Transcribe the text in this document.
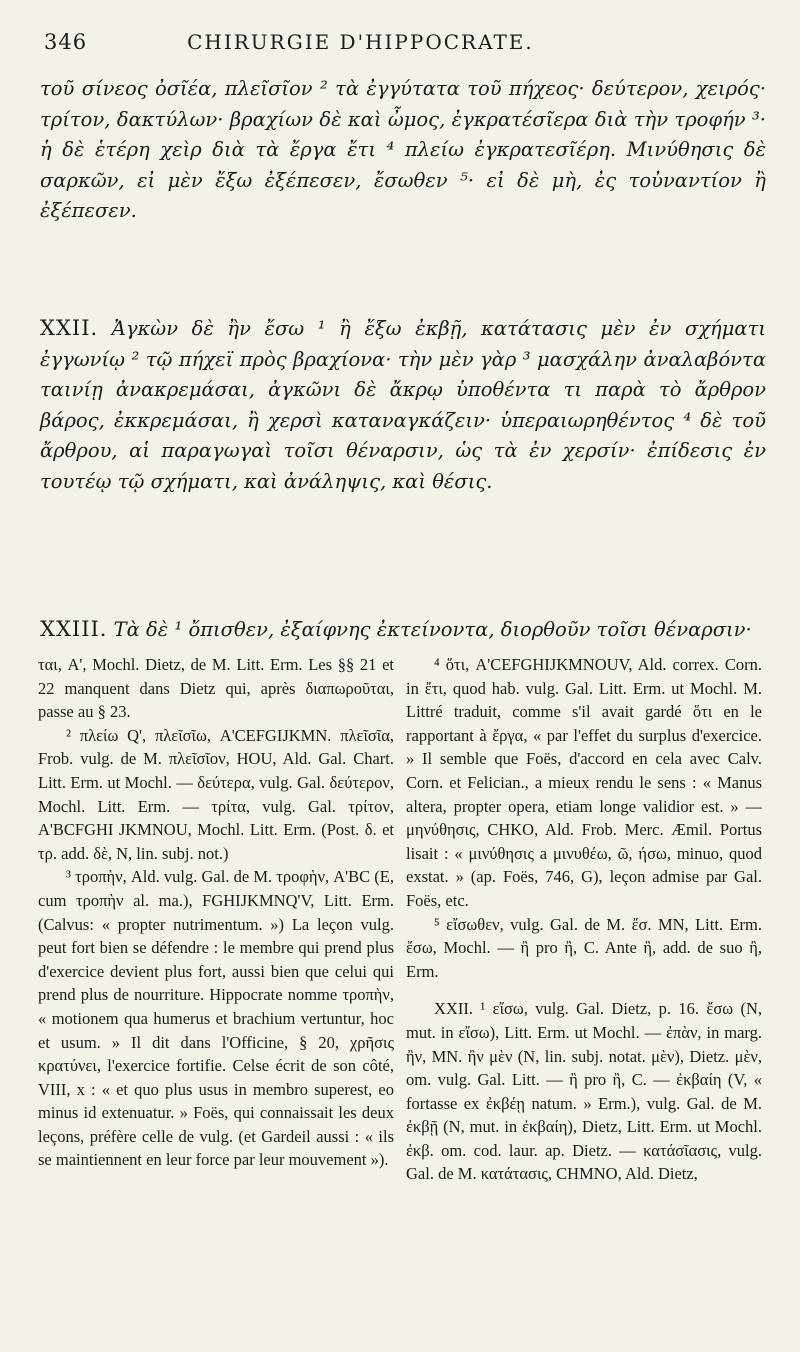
346	CHIRURGIE D'HIPPOCRATE.

τοῦ σίνεος ὀσῖέα, πλεῖσῖον ² τὰ ἐγγύτατα τοῦ πήχεος· δεύτερον, χειρός· τρίτον, δακτύλων· βραχίων δὲ καὶ ὦμος, ἐγκρατέσῖερα διὰ τὴν τροφήν ³· ἡ δὲ ἑτέρη χεὶρ διὰ τὰ ἔργα ἔτι ⁴ πλείω ἐγκρατεσῖέρη. Μινύθησις δὲ σαρκῶν, εἰ μὲν ἔξω ἐξέπεσεν, ἔσωθεν ⁵· εἰ δὲ μὴ, ἐς τοὐναντίον ἢ ἐξέπεσεν.

XXII. Ἀγκὼν δὲ ἢν ἔσω ¹ ἢ ἔξω ἐκβῇ, κατάτασις μὲν ἐν σχήματι ἐγγωνίῳ ² τῷ πήχεϊ πρὸς βραχίονα· τὴν μὲν γὰρ ³ μασχάλην ἀναλαβόντα ταινίῃ ἀνακρεμάσαι, ἀγκῶνι δὲ ἄκρῳ ὑποθέντα τι παρὰ τὸ ἄρθρον βάρος, ἐκκρεμάσαι, ἢ χερσὶ καταναγκάζειν· ὑπεραιωρηθέντος ⁴ δὲ τοῦ ἄρθρου, αἱ παραγωγαὶ τοῖσι θέναρσιν, ὡς τὰ ἐν χερσίν· ἐπίδεσις ἐν τουτέῳ τῷ σχήματι, καὶ ἀνάληψις, καὶ θέσις.

XXIII. Τὰ δὲ ¹ ὄπισθεν, ἐξαίφνης ἐκτείνοντα, διορθοῦν τοῖσι θέναρσιν·

ται, A', Mochl. Dietz, de M. Litt. Erm. Les §§ 21 et 22 manquent dans Dietz qui, après διαπωροῦται, passe au § 23.

² πλείω Q', πλεῖσῖω, A'CEFGIJKMN. πλεῖσῖα, Frob. vulg. de M. πλεῖσῖον, HOU, Ald. Gal. Chart. Litt. Erm. ut Mochl. — δεύτερα, vulg. Gal. δεύτερον, Mochl. Litt. Erm. — τρίτα, vulg. Gal. τρίτον, A'BCFGHI JKMNOU, Mochl. Litt. Erm. (Post. δ. et τρ. add. δὲ, N, lin. subj. not.)

³ τροπὴν, Ald. vulg. Gal. de M. τροφὴν, A'BC (E, cum τροπὴν al. ma.), FGHIJKMNQ'V, Litt. Erm. (Calvus: « propter nutrimentum. ») La leçon vulg. peut fort bien se défendre : le membre qui prend plus d'exercice devient plus fort, aussi bien que celui qui prend plus de nourriture. Hippocrate nomme τροπὴν, « motionem qua humerus et brachium vertuntur, hoc et usum. » Il dit dans l'Officine, § 20, χρῆσις κρατύνει, l'exercice fortifie. Celse écrit de son côté, VIII, x : « et quo plus usus in membro superest, eo minus id extenuatur. » Foës, qui connaissait les deux leçons, préfère celle de vulg. (et Gardeil aussi : « ils se maintiennent en leur force par leur mouvement »).

⁴ ὅτι, A'CEFGHIJKMNOUV, Ald. correx. Corn. in ἔτι, quod hab. vulg. Gal. Litt. Erm. ut Mochl. M. Littré traduit, comme s'il avait gardé ὅτι en le rapportant à ἔργα, « par l'effet du surplus d'exercice. » Il semble que Foës, d'accord en cela avec Calv. Corn. et Felician., a mieux rendu le sens : « Manus altera, propter opera, etiam longe validior est. » — μηνύθησις, CHKO, Ald. Frob. Merc. Æmil. Portus lisait : « μινύθησις a μινυθέω, ῶ, ήσω, minuo, quod exstat. » (ap. Foës, 746, G), leçon admise par Gal. Foës, etc.

⁵ εἴσωθεν, vulg. Gal. de M. ἔσ. MN, Litt. Erm. ἔσω, Mochl. — ἢ pro ἢ, C. Ante ἢ, add. de suo ἢ, Erm.

XXII. ¹ εἴσω, vulg. Gal. Dietz, p. 16. ἔσω (N, mut. in εἴσω), Litt. Erm. ut Mochl. — ἐπὰν, in marg. ἢν, MN. ἢν μὲν (N, lin. subj. notat. μὲν), Dietz. μὲν, om. vulg. Gal. Litt. — ἢ pro ἢ, C. — ἐκβαίη (V, « fortasse ex ἐκβέῃ natum. » Erm.), vulg. Gal. de M. ἐκβῇ (N, mut. in ἐκβαίη), Dietz, Litt. Erm. ut Mochl. ἐκβ. om. cod. laur. ap. Dietz. — κατάσῖασις, vulg. Gal. de M. κατάτασις, CHMNO, Ald. Dietz,
